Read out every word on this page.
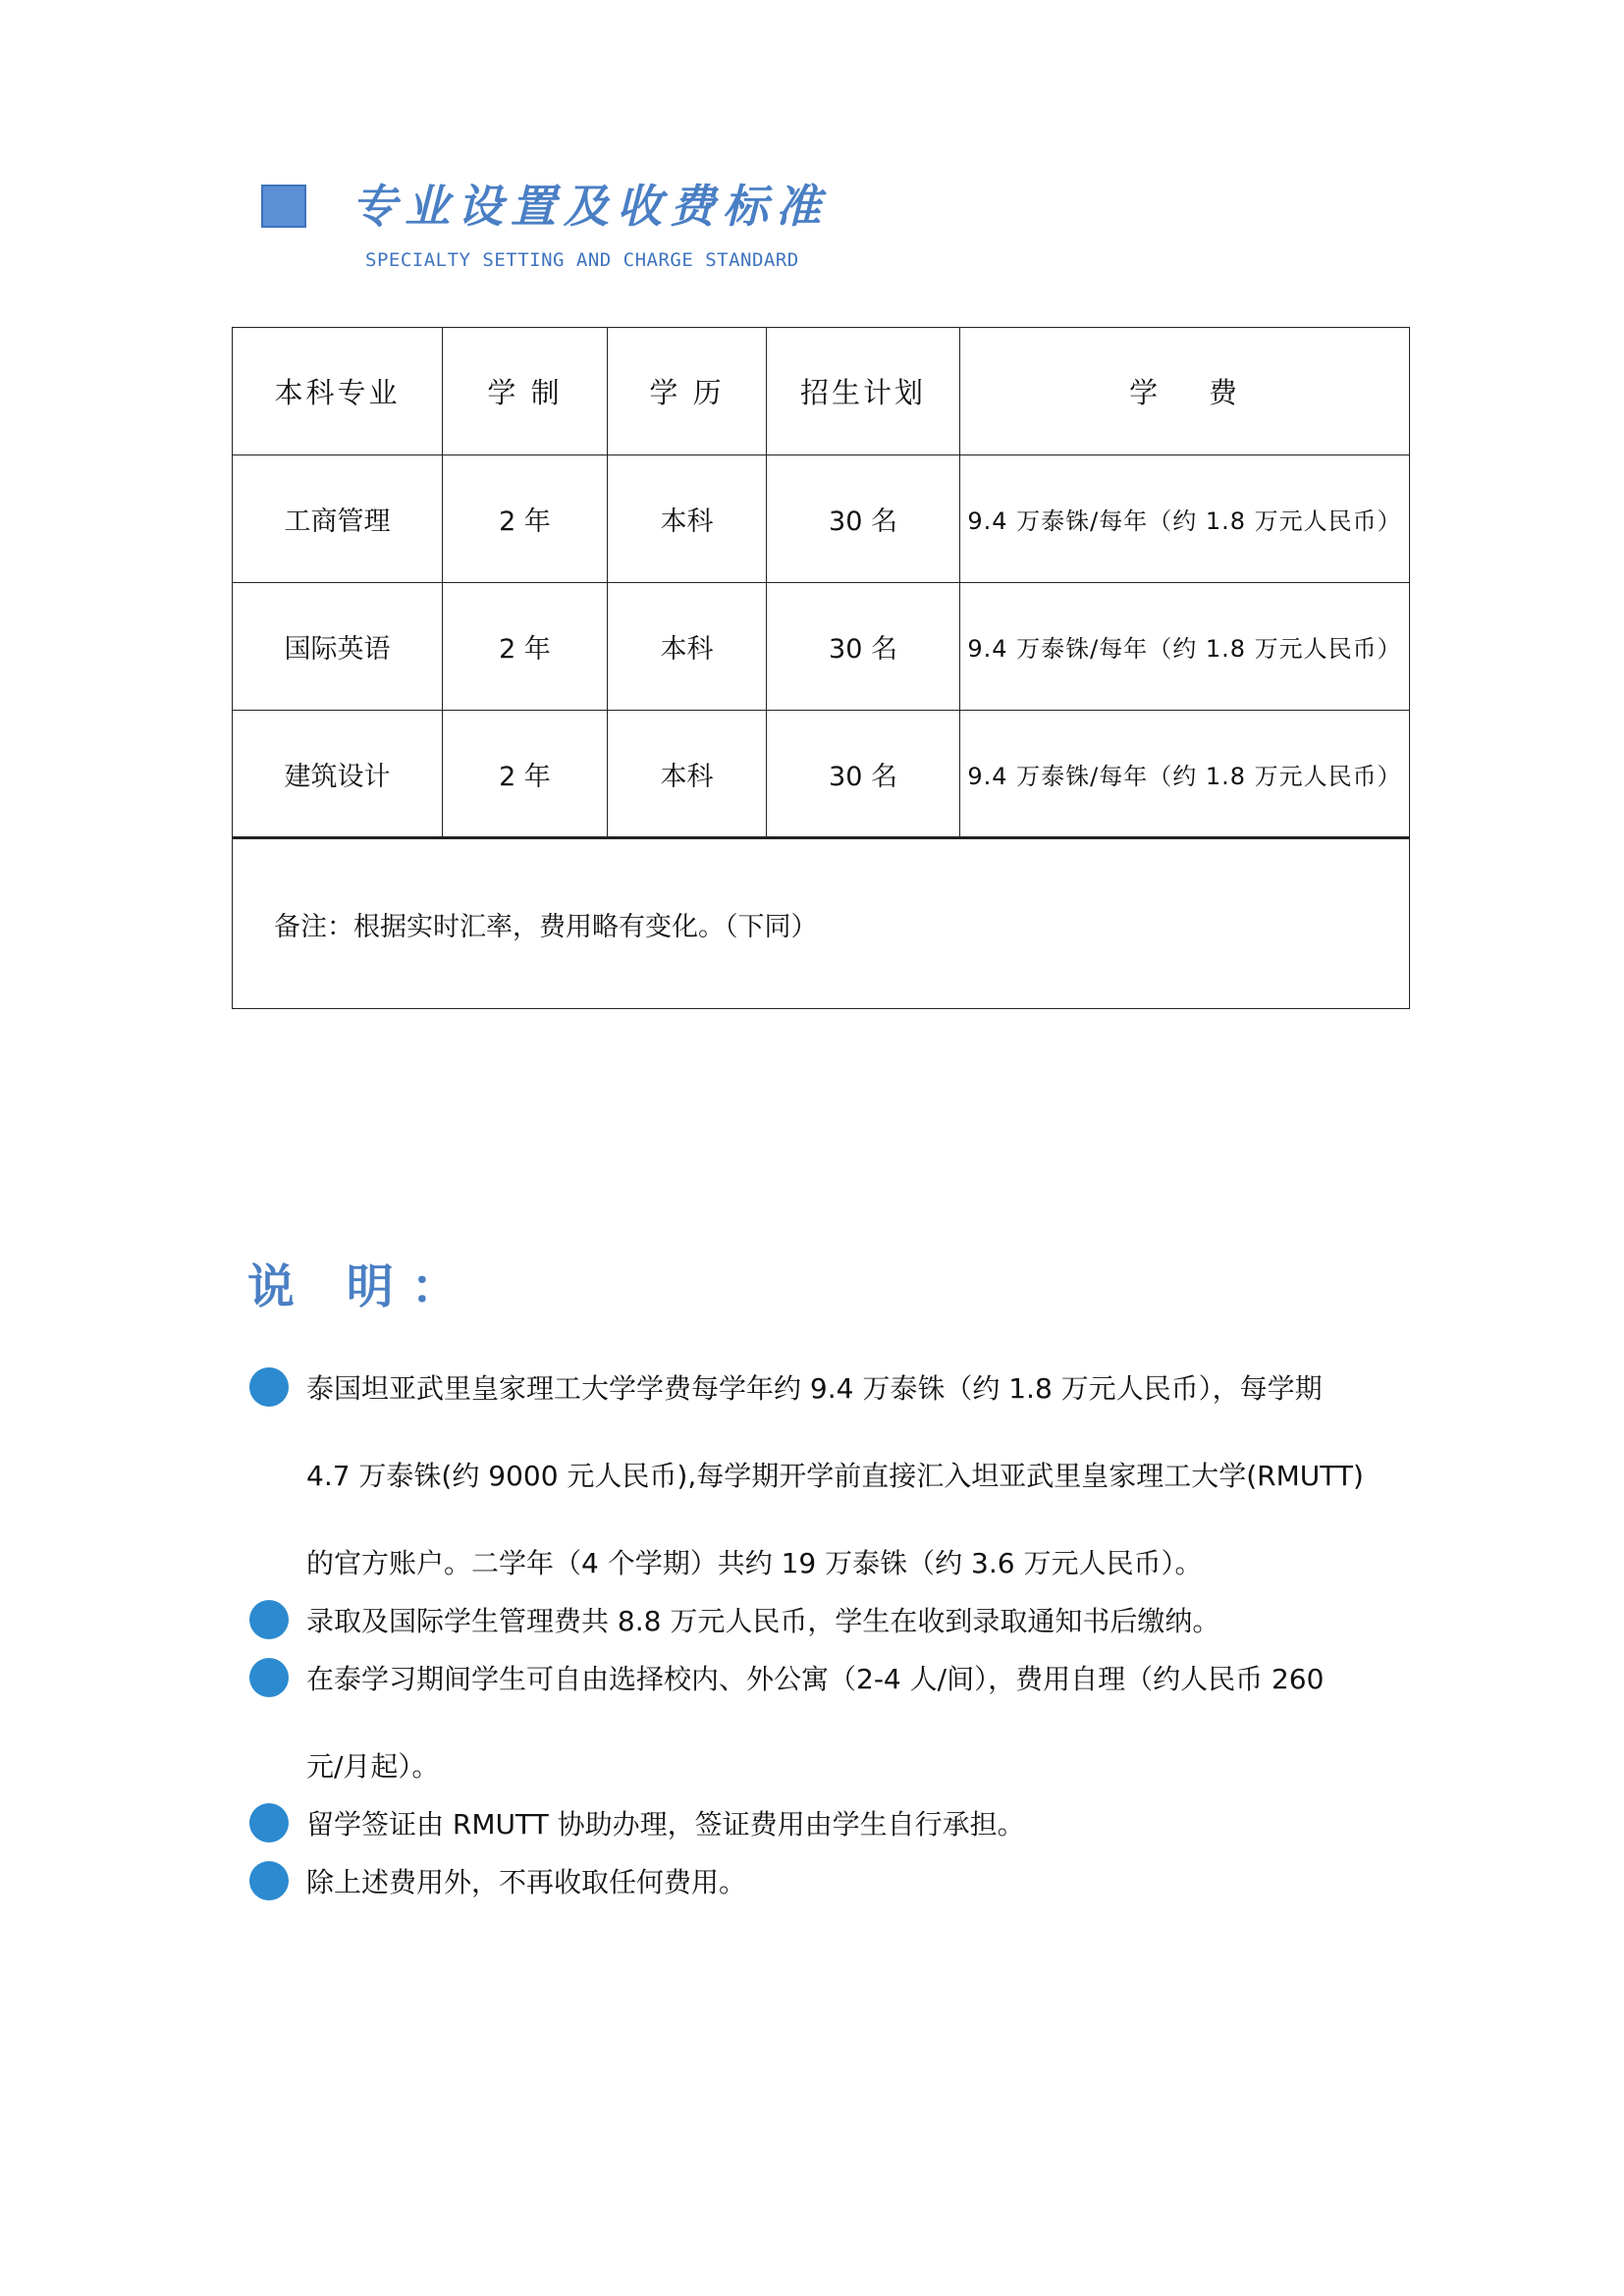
专业设置及收费标准
SPECIALTY SETTING AND CHARGE STANDARD
本科专业	学 制	学 历	招生计划	学    费
工商管理	2 年	本科	30 名	9.4 万泰铢/每年（约 1.8 万元人民币）
国际英语	2 年	本科	30 名	9.4 万泰铢/每年（约 1.8 万元人民币）
建筑设计	2 年	本科	30 名	9.4 万泰铢/每年（约 1.8 万元人民币）
备注：根据实时汇率，费用略有变化。（下同）				
说 明：
泰国坦亚武里皇家理工大学学费每学年约 9.4 万泰铢（约 1.8 万元人民币），每学期
4.7 万泰铢(约 9000 元人民币),每学期开学前直接汇入坦亚武里皇家理工大学(RMUTT)
的官方账户。二学年（4 个学期）共约 19 万泰铢（约 3.6 万元人民币）。
录取及国际学生管理费共 8.8 万元人民币，学生在收到录取通知书后缴纳。
在泰学习期间学生可自由选择校内、外公寓（2-4 人/间），费用自理（约人民币 260
元/月起）。
留学签证由 RMUTT 协助办理，签证费用由学生自行承担。
除上述费用外，不再收取任何费用。
